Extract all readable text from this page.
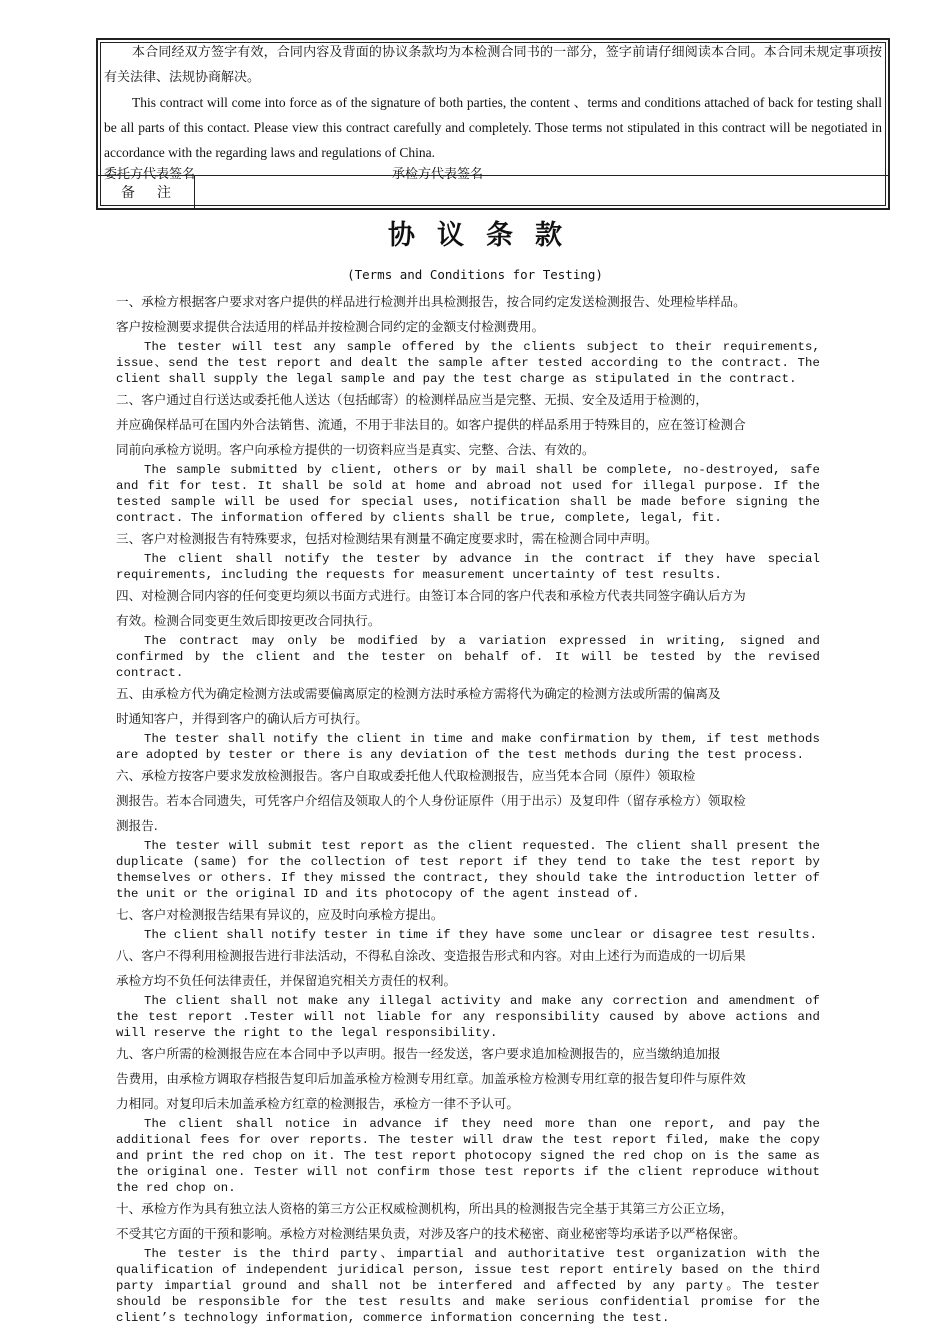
本合同经双方签字有效，合同内容及背面的协议条款均为本检测合同书的一部分，签字前请仔细阅读本合同。本合同未规定事项按有关法律、法规协商解决。

This contract will come into force as of the signature of both parties, the content 、terms and conditions attached of back for testing shall be all parts of this contact. Please view this contract carefully and completely. Those terms not stipulated in this contract will be negotiated in accordance with the regarding laws and regulations of China.

委托方代表签名	承检方代表签名
备注
协议条款
(Terms and Conditions for Testing)

一、承检方根据客户要求对客户提供的样品进行检测并出具检测报告，按合同约定发送检测报告、处理检毕样品。

客户按检测要求提供合法适用的样品并按检测合同约定的金额支付检测费用。

The tester will test any sample offered by the clients subject to their requirements, issue、send the test report and dealt the sample after tested according to the contract. The client shall supply the legal sample and pay the test charge as stipulated in the contract.

二、客户通过自行送达或委托他人送达（包括邮寄）的检测样品应当是完整、无损、安全及适用于检测的，

并应确保样品可在国内外合法销售、流通，不用于非法目的。如客户提供的样品系用于特殊目的，应在签订检测合

同前向承检方说明。客户向承检方提供的一切资料应当是真实、完整、合法、有效的。

The sample submitted by client, others or by mail shall be complete, no-destroyed, safe and fit for test. It shall be sold at home and abroad not used for illegal purpose. If the tested sample will be used for special uses, notification shall be made before signing the contract. The information offered by clients shall be true, complete, legal, fit.

三、客户对检测报告有特殊要求，包括对检测结果有测量不确定度要求时，需在检测合同中声明。

The client shall notify the tester by advance in the contract if they have special requirements, including the requests for measurement uncertainty of test results.

四、对检测合同内容的任何变更均须以书面方式进行。由签订本合同的客户代表和承检方代表共同签字确认后方为

有效。检测合同变更生效后即按更改合同执行。

The contract may only be modified by a variation expressed in writing, signed and confirmed by the client and the tester on behalf of. It will be tested by the revised contract.

五、由承检方代为确定检测方法或需要偏离原定的检测方法时承检方需将代为确定的检测方法或所需的偏离及

时通知客户，并得到客户的确认后方可执行。

The tester shall notify the client in time and make confirmation by them, if test methods are adopted by tester or there is any deviation of the test methods during the test process.

六、承检方按客户要求发放检测报告。客户自取或委托他人代取检测报告，应当凭本合同（原件）领取检

测报告。若本合同遗失，可凭客户介绍信及领取人的个人身份证原件（用于出示）及复印件（留存承检方）领取检

测报告.

The tester will submit test report as the client requested. The client shall present the duplicate (same) for the collection of test report if they tend to take the test report by themselves or others. If they missed the contract, they should take the introduction letter of the unit or the original ID and its photocopy of the agent instead of.

七、客户对检测报告结果有异议的，应及时向承检方提出。

The client shall notify tester in time if they have some unclear or disagree test results.

八、客户不得利用检测报告进行非法活动，不得私自涂改、变造报告形式和内容。对由上述行为而造成的一切后果

承检方均不负任何法律责任，并保留追究相关方责任的权利。

The client shall not make any illegal activity and make any correction and amendment of the test report .Tester will not liable for any responsibility caused by above actions and will reserve the right to the legal responsibility.

九、客户所需的检测报告应在本合同中予以声明。报告一经发送，客户要求追加检测报告的，应当缴纳追加报

告费用，由承检方调取存档报告复印后加盖承检方检测专用红章。加盖承检方检测专用红章的报告复印件与原件效

力相同。对复印后未加盖承检方红章的检测报告，承检方一律不予认可。

The client shall notice in advance if they need more than one report, and pay the additional fees for over reports. The tester will draw the test report filed, make the copy and print the red chop on it. The test report photocopy signed the red chop on is the same as the original one. Tester will not confirm those test reports if the client reproduce without the red chop on.

十、承检方作为具有独立法人资格的第三方公正权威检测机构，所出具的检测报告完全基于其第三方公正立场，

不受其它方面的干预和影响。承检方对检测结果负责，对涉及客户的技术秘密、商业秘密等均承诺予以严格保密。

The tester is the third party、impartial and authoritative test organization with the qualification of independent juridical person, issue test report entirely based on the third party impartial ground and shall not be interfered and affected by any party。The tester should be responsible for the test results and make serious confidential promise for the client’s technology information, commerce information concerning the test.
